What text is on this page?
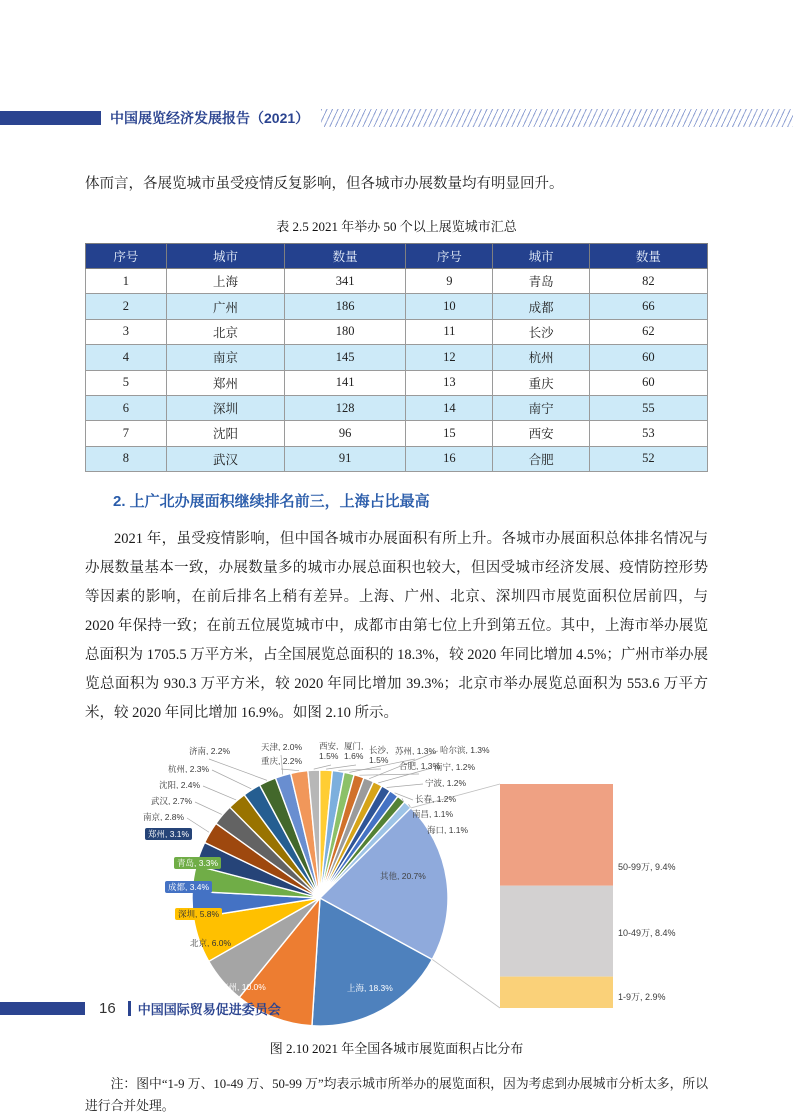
中国展览经济发展报告（2021）

体而言，各展览城市虽受疫情反复影响，但各城市办展数量均有明显回升。

表 2.5 2021 年举办 50 个以上展览城市汇总
序号	城市	数量	序号	城市	数量
1	上海	341	9	青岛	82
2	广州	186	10	成都	66
3	北京	180	11	长沙	62
4	南京	145	12	杭州	60
5	郑州	141	13	重庆	60
6	深圳	128	14	南宁	55
7	沈阳	96	15	西安	53
8	武汉	91	16	合肥	52
2. 上广北办展面积继续排名前三，上海占比最高

2021 年，虽受疫情影响，但中国各城市办展面积有所上升。各城市办展面积总体排名情况与办展数量基本一致，办展数量多的城市办展总面积也较大，但因受城市经济发展、疫情防控形势等因素的影响，在前后排名上稍有差异。上海、广州、北京、深圳四市展览面积位居前四，与 2020 年保持一致；在前五位展览城市中，成都市由第七位上升到第五位。其中，上海市举办展览总面积为 1705.5 万平方米，占全国展览总面积的 18.3%，较 2020 年同比增加 4.5%；广州市举办展览总面积为 930.3 万平方米，较 2020 年同比增加 39.3%；北京市举办展览总面积为 553.6 万平方米，较 2020 年同比增加 16.9%。如图 2.10 所示。

50-99万, 9.4%
10-49万, 8.4%
1-9万, 2.9%
上海, 18.3%
广州, 10.0%
北京, 6.0%
深圳, 5.8%
成都, 3.4%
青岛, 3.3%
郑州, 3.1%
南京, 2.8%
武汉, 2.7%
沈阳, 2.4%
杭州, 2.3%
济南, 2.2%	天津, 2.0%
重庆, 2.2%
西安,
1.5%
厦门,
1.6%
长沙,
1.5%
苏州, 1.3%
合肥, 1.3%
哈尔滨, 1.3%
南宁, 1.2%
宁波, 1.2%
长春, 1.2%
南昌, 1.1%
海口, 1.1%
其他, 20.7%
图 2.10 2021 年全国各城市展览面积占比分布

注：图中“1-9 万、10-49 万、50-99 万”均表示城市所举办的展览面积，因为考虑到办展城市分析太多，所以进行合并处理。

16 中国国际贸易促进委员会
